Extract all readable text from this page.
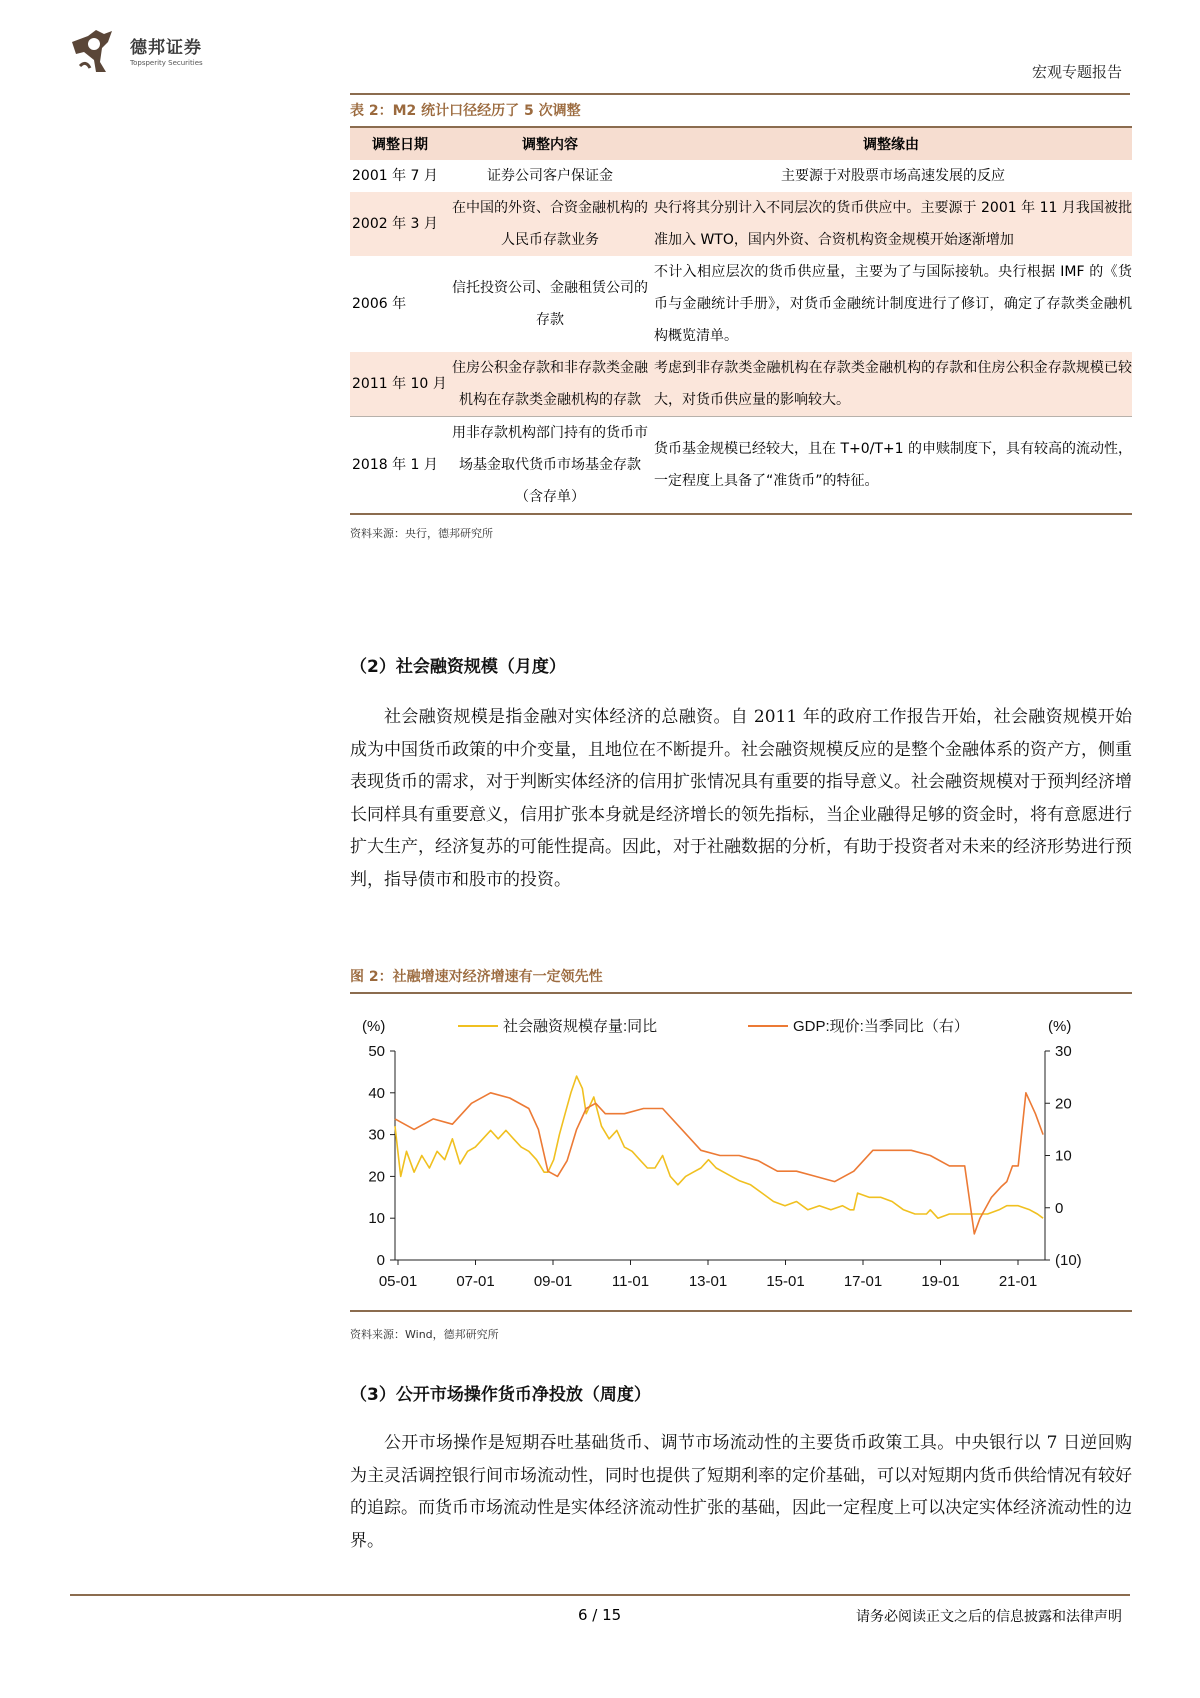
德邦证券
Topsperity Securities	宏观专题报告
表 2：M2 统计口径经历了 5 次调整
调整日期	调整内容	调整缘由
2001 年 7 月	证券公司客户保证金	主要源于对股票市场高速发展的反应
2002 年 3 月	在中国的外资、合资金融机构的人民币存款业务	央行将其分别计入不同层次的货币供应中。主要源于 2001 年 11 月我国被批准加入 WTO，国内外资、合资机构资金规模开始逐渐增加
2006 年	信托投资公司、金融租赁公司的存款	不计入相应层次的货币供应量，主要为了与国际接轨。央行根据 IMF 的《货币与金融统计手册》，对货币金融统计制度进行了修订，确定了存款类金融机构概览清单。
2011 年 10 月	住房公积金存款和非存款类金融机构在存款类金融机构的存款	考虑到非存款类金融机构在存款类金融机构的存款和住房公积金存款规模已较大，对货币供应量的影响较大。
2018 年 1 月	用非存款机构部门持有的货币市场基金取代货币市场基金存款（含存单）	货币基金规模已经较大，且在 T+0/T+1 的申赎制度下，具有较高的流动性，一定程度上具备了“准货币”的特征。
资料来源：央行，德邦研究所
（2）社会融资规模（月度）
社会融资规模是指金融对实体经济的总融资。自 2011 年的政府工作报告开始，社会融资规模开始成为中国货币政策的中介变量，且地位在不断提升。社会融资规模反应的是整个金融体系的资产方，侧重表现货币的需求，对于判断实体经济的信用扩张情况具有重要的指导意义。社会融资规模对于预判经济增长同样具有重要意义，信用扩张本身就是经济增长的领先指标，当企业融得足够的资金时，将有意愿进行扩大生产，经济复苏的可能性提高。因此，对于社融数据的分析，有助于投资者对未来的经济形势进行预判，指导债市和股市的投资。
图 2：社融增速对经济增速有一定领先性
0
10
20
30
40
50
(10)
0
10
20
30
05-01	07-01	09-01	11-01	13-01	15-01	17-01	19-01	21-01
(%)	(%)
社会融资规模存量:同比	GDP:现价:当季同比（右）
资料来源：Wind，德邦研究所
（3）公开市场操作货币净投放（周度）
公开市场操作是短期吞吐基础货币、调节市场流动性的主要货币政策工具。中央银行以 7 日逆回购为主灵活调控银行间市场流动性，同时也提供了短期利率的定价基础，可以对短期内货币供给情况有较好的追踪。而货币市场流动性是实体经济流动性扩张的基础，因此一定程度上可以决定实体经济流动性的边界。
6 / 15	请务必阅读正文之后的信息披露和法律声明
